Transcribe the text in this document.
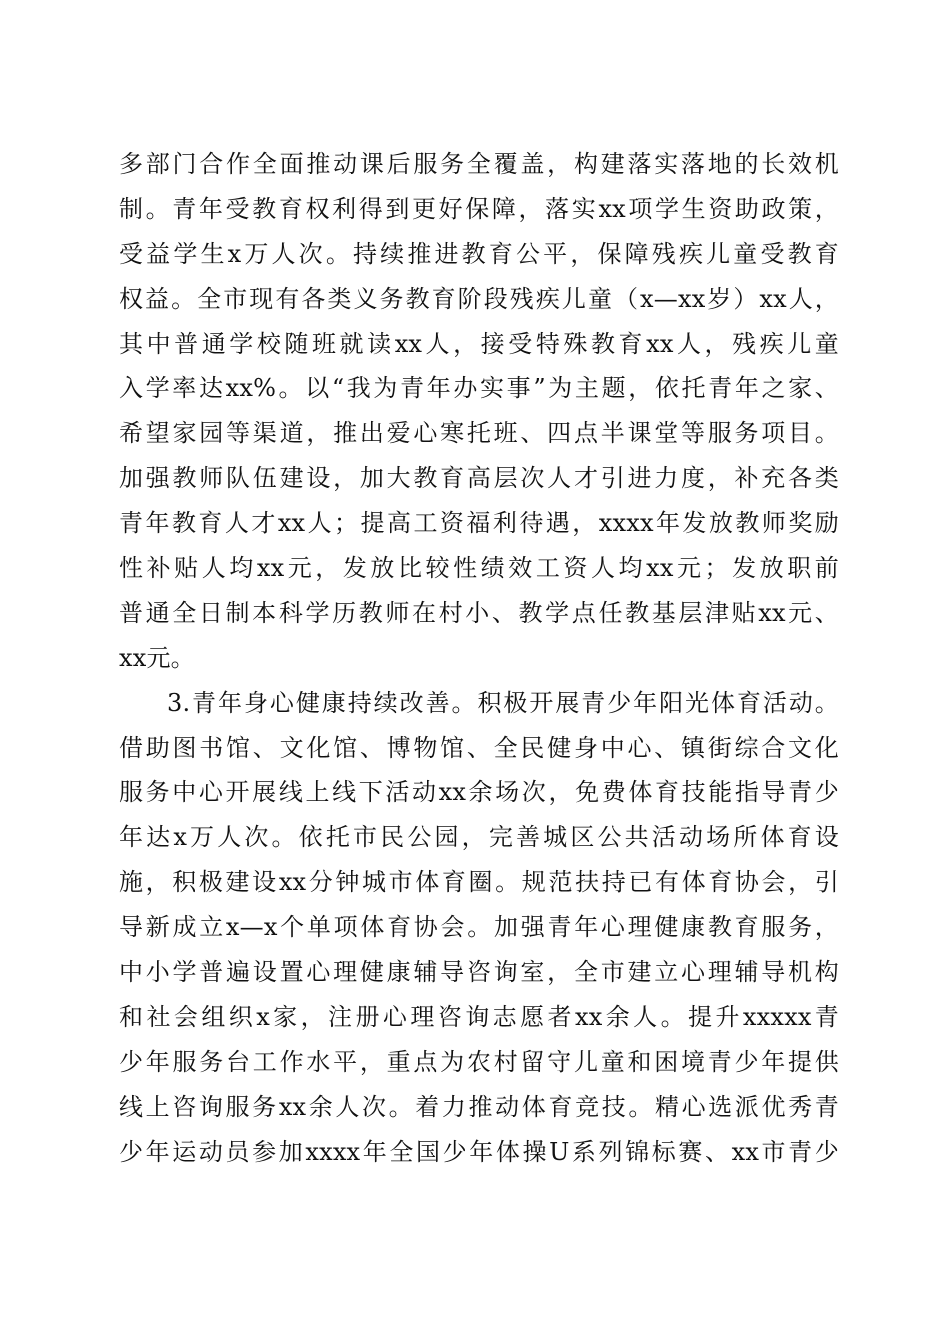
多部门合作全面推动课后服务全覆盖，构建落实落地的长效机
制。青年受教育权利得到更好保障，落实xx项学生资助政策，
受益学生x万人次。持续推进教育公平，保障残疾儿童受教育
权益。全市现有各类义务教育阶段残疾儿童（x—xx岁）xx人，
其中普通学校随班就读xx人，接受特殊教育xx人，残疾儿童
入学率达xx%。以“我为青年办实事”为主题，依托青年之家、
希望家园等渠道，推出爱心寒托班、四点半课堂等服务项目。
加强教师队伍建设，加大教育高层次人才引进力度，补充各类
青年教育人才xx人；提高工资福利待遇，xxxx年发放教师奖励
性补贴人均xx元，发放比较性绩效工资人均xx元；发放职前
普通全日制本科学历教师在村小、教学点任教基层津贴xx元、
xx元。
3.青年身心健康持续改善。积极开展青少年阳光体育活动。
借助图书馆、文化馆、博物馆、全民健身中心、镇街综合文化
服务中心开展线上线下活动xx余场次，免费体育技能指导青少
年达x万人次。依托市民公园，完善城区公共活动场所体育设
施，积极建设xx分钟城市体育圈。规范扶持已有体育协会，引
导新成立x—x个单项体育协会。加强青年心理健康教育服务，
中小学普遍设置心理健康辅导咨询室，全市建立心理辅导机构
和社会组织x家，注册心理咨询志愿者xx余人。提升xxxxx青
少年服务台工作水平，重点为农村留守儿童和困境青少年提供
线上咨询服务xx余人次。着力推动体育竞技。精心选派优秀青
少年运动员参加xxxx年全国少年体操U系列锦标赛、xx市青少
